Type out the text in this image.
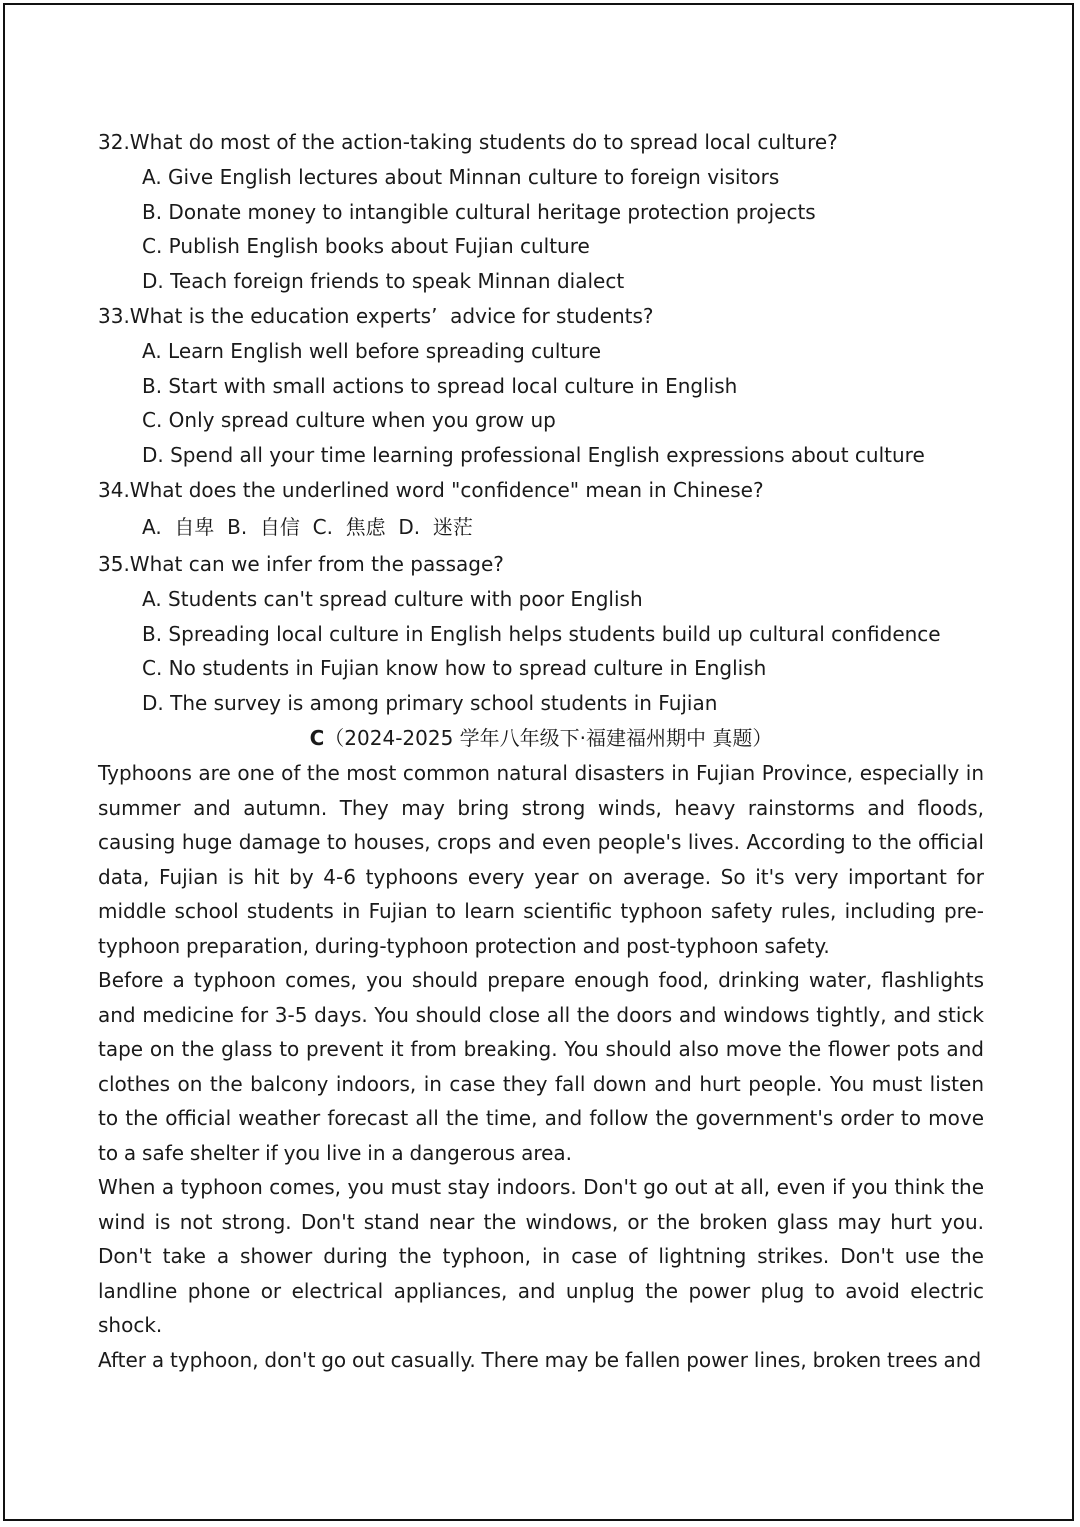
32.What do most of the action-taking students do to spread local culture?
A. Give English lectures about Minnan culture to foreign visitors
B. Donate money to intangible cultural heritage protection projects
C. Publish English books about Fujian culture
D. Teach foreign friends to speak Minnan dialect
33.What is the education experts’  advice for students?
A. Learn English well before spreading culture
B. Start with small actions to spread local culture in English
C. Only spread culture when you grow up
D. Spend all your time learning professional English expressions about culture
34.What does the underlined word "confidence" mean in Chinese?
A.  自卑  B.  自信  C.  焦虑  D.  迷茫
35.What can we infer from the passage?
A. Students can't spread culture with poor English
B. Spreading local culture in English helps students build up cultural confidence
C. No students in Fujian know how to spread culture in English
D. The survey is among primary school students in Fujian
C（2024-2025 学年八年级下·福建福州期中 真题）

Typhoons are one of the most common natural disasters in Fujian Province, especially in summer and autumn. They may bring strong winds, heavy rainstorms and floods, causing huge damage to houses, crops and even people's lives. According to the official data, Fujian is hit by 4-6 typhoons every year on average. So it's very important for middle school students in Fujian to learn scientific typhoon safety rules, including pre-typhoon preparation, during-typhoon protection and post-typhoon safety.

Before a typhoon comes, you should prepare enough food, drinking water, flashlights and medicine for 3-5 days. You should close all the doors and windows tightly, and stick tape on the glass to prevent it from breaking. You should also move the flower pots and clothes on the balcony indoors, in case they fall down and hurt people. You must listen to the official weather forecast all the time, and follow the government's order to move to a safe shelter if you live in a dangerous area.

When a typhoon comes, you must stay indoors. Don't go out at all, even if you think the wind is not strong. Don't stand near the windows, or the broken glass may hurt you. Don't take a shower during the typhoon, in case of lightning strikes. Don't use the landline phone or electrical appliances, and unplug the power plug to avoid electric shock.

After a typhoon, don't go out casually. There may be fallen power lines, broken trees and
